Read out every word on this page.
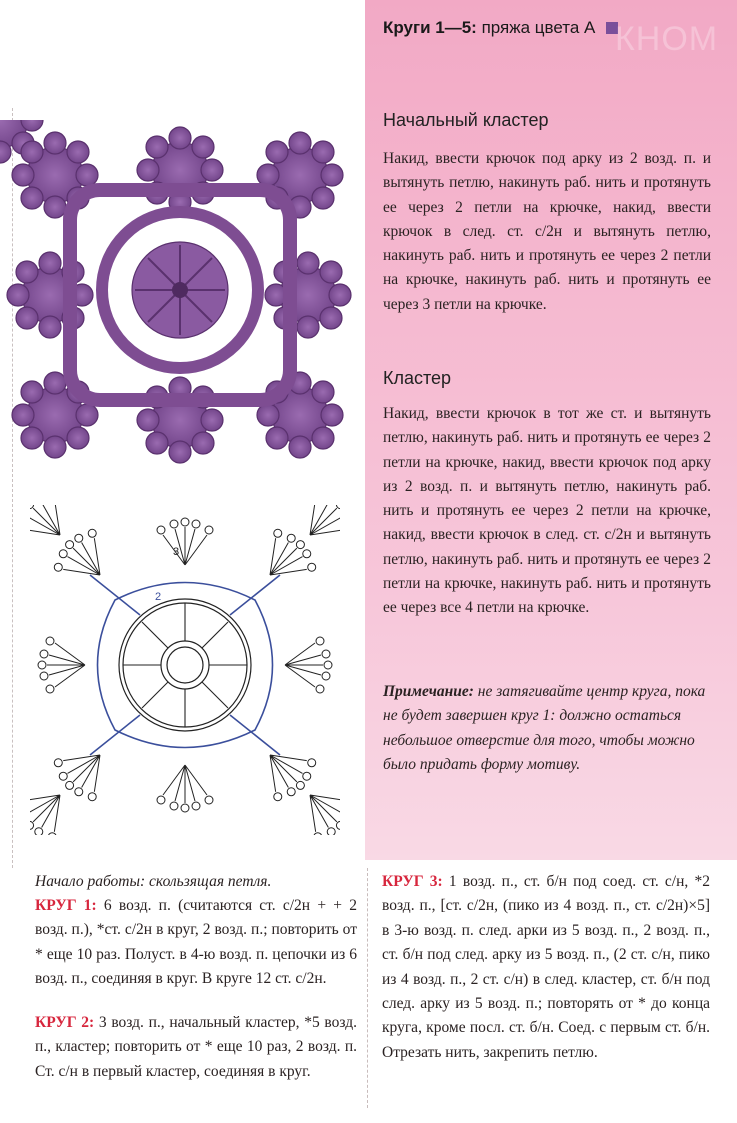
Круги 1—5: пряжа цвета А КНОМ
3
2
Начальный кластер
Накид, ввести крючок под арку из 2 возд. п. и вытянуть петлю, накинуть раб. нить и протянуть ее через 2 петли на крючке, накид, ввести крючок в след. ст. с/2н и вытянуть петлю, накинуть раб. нить и протянуть ее через 2 петли на крючке, накинуть раб. нить и протянуть ее через 3 петли на крючке.
Кластер
Накид, ввести крючок в тот же ст. и вытянуть петлю, накинуть раб. нить и протянуть ее через 2 петли на крючке, накид, ввести крючок под арку из 2 возд. п. и вытянуть петлю, накинуть раб. нить и протянуть ее через 2 петли на крючке, накид, ввести крючок в след. ст. с/2н и вытянуть петлю, накинуть раб. нить и протянуть ее через 2 петли на крючке, накинуть раб. нить и протянуть ее через все 4 петли на крючке.
Примечание: не затягивайте центр круга, пока не будет завершен круг 1: должно остаться небольшое отверстие для того, чтобы можно было придать форму мотиву.
Начало работы: скользящая петля.
КРУГ 1: 6 возд. п. (считаются ст. с/2н + + 2 возд. п.), *ст. с/2н в круг, 2 возд. п.; повторить от * еще 10 раз. Полуст. в 4-ю возд. п. цепочки из 6 возд. п., соединяя в круг. В круге 12 ст. с/2н.
КРУГ 2: 3 возд. п., начальный кластер, *5 возд. п., кластер; повторить от * еще 10 раз, 2 возд. п. Ст. с/н в первый кластер, соединяя в круг.
КРУГ 3: 1 возд. п., ст. б/н под соед. ст. с/н, *2 возд. п., [ст. с/2н, (пико из 4 возд. п., ст. с/2н)×5] в 3-ю возд. п. след. арки из 5 возд. п., 2 возд. п., ст. б/н под след. арку из 5 возд. п., (2 ст. с/н, пико из 4 возд. п., 2 ст. с/н) в след. кластер, ст. б/н под след. арку из 5 возд. п.; повторять от * до конца круга, кроме посл. ст. б/н. Соед. с первым ст. б/н. Отрезать нить, закрепить петлю.
